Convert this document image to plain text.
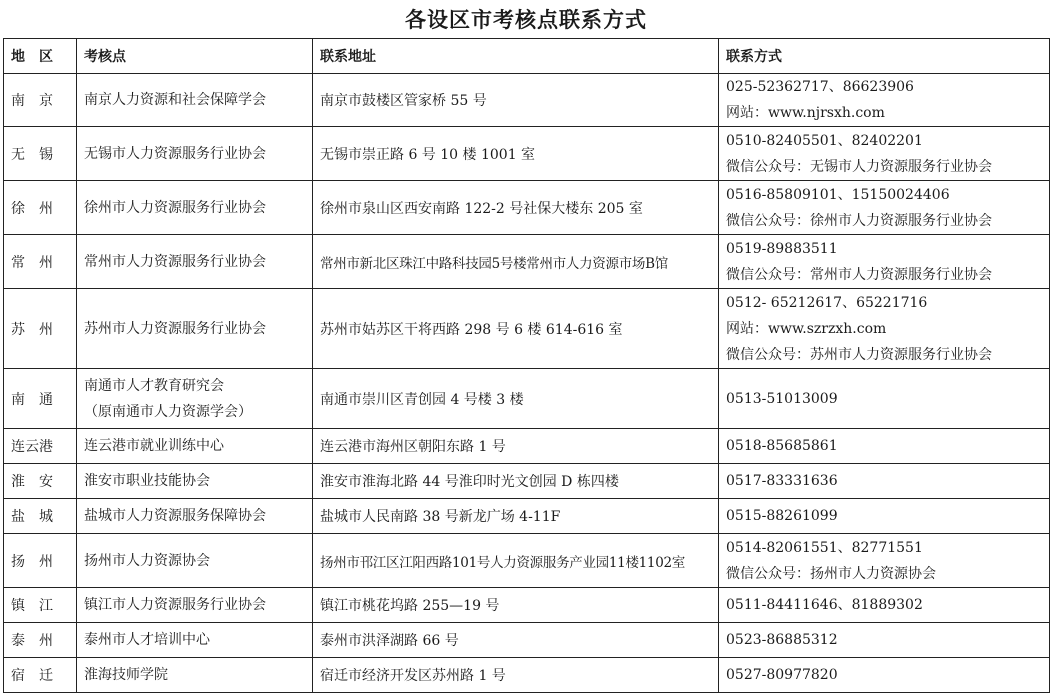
各设区市考核点联系方式
地　区	考核点	联系地址	联系方式
南　京	南京人力资源和社会保障学会	南京市鼓楼区管家桥 55 号	025-52362717、86623906
网站：www.njrsxh.com

无　锡	无锡市人力资源服务行业协会	无锡市崇正路 6 号 10 楼 1001 室	0510-82405501、82402201
微信公众号：无锡市人力资源服务行业协会

徐　州	徐州市人力资源服务行业协会	徐州市泉山区西安南路 122-2 号社保大楼东 205 室	0516-85809101、15150024406
微信公众号：徐州市人力资源服务行业协会

常　州	常州市人力资源服务行业协会	常州市新北区珠江中路科技园5号楼常州市人力资源市场B馆	0519-89883511
微信公众号：常州市人力资源服务行业协会

苏　州	苏州市人力资源服务行业协会	苏州市姑苏区干将西路 298 号 6 楼 614-616 室	0512- 65212617、65221716
网站：www.szrzxh.com
微信公众号：苏州市人力资源服务行业协会

南　通	南通市人才教育研究会
（原南通市人力资源学会）	南通市崇川区青创园 4 号楼 3 楼	0513-51013009

连云港	连云港市就业训练中心	连云港市海州区朝阳东路 1 号	0518-85685861

淮　安	淮安市职业技能协会	淮安市淮海北路 44 号淮印时光文创园 D 栋四楼	0517-83331636

盐　城	盐城市人力资源服务保障协会	盐城市人民南路 38 号新龙广场 4-11F	0515-88261099

扬　州	扬州市人力资源协会	扬州市邗江区江阳西路101号人力资源服务产业园11楼1102室	0514-82061551、82771551
微信公众号：扬州市人力资源协会

镇　江	镇江市人力资源服务行业协会	镇江市桃花坞路 255—19 号	0511-84411646、81889302

泰　州	泰州市人才培训中心	泰州市洪泽湖路 66 号	0523-86885312

宿　迁	淮海技师学院	宿迁市经济开发区苏州路 1 号	0527-80977820
